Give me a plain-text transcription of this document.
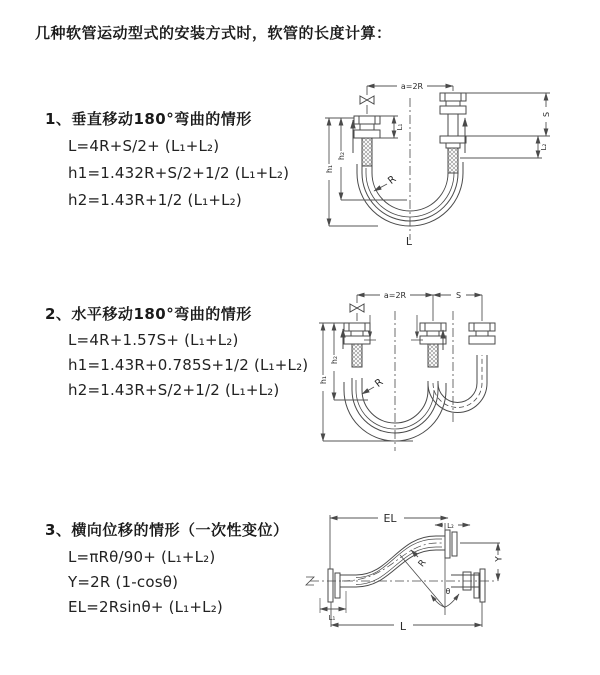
几种软管运动型式的安装方式时，软管的长度计算：
1、垂直移动180°弯曲的情形
L=4R+S/2+ (L₁+L₂)
h1=1.432R+S/2+1/2 (L₁+L₂)
h2=1.43R+1/2 (L₁+L₂)
a=2R
S
L₂
L₁
h₂
h₁
R
L
2、水平移动180°弯曲的情形
L=4R+1.57S+ (L₁+L₂)
h1=1.43R+0.785S+1/2 (L₁+L₂)
h2=1.43R+S/2+1/2 (L₁+L₂)
a=2R	S
h₂
h₁	R
3、横向位移的情形（一次性变位）
L=πRθ/90+ (L₁+L₂)
Y=2R (1-cosθ)
EL=2Rsinθ+ (L₁+L₂)
EL
L₂
Y
R
θ
L
L₁
